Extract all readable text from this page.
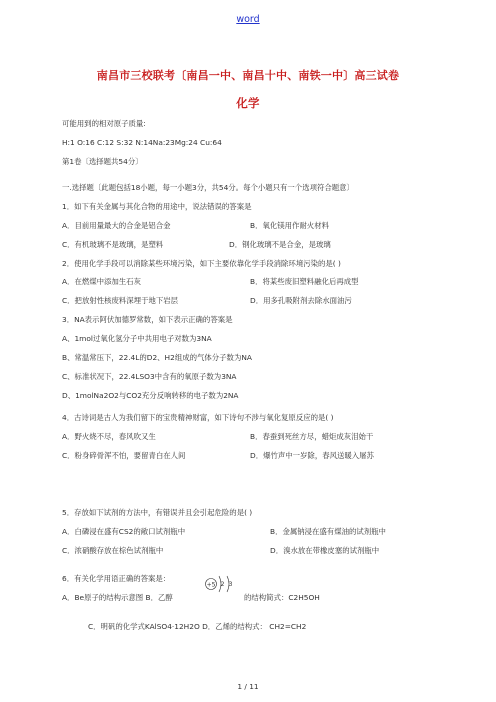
word
南昌市三校联考〔南昌一中、南昌十中、南铁一中〕高三试卷
化学
可能用到的相对原子质量:
H:1 O:16 C:12 S:32 N:14Na:23Mg:24 Cu:64
第1卷〔选择题共54分〕
一.选择题〔此题包括18小题，每一小题3分，共54分。每个小题只有一个选项符合题意〕
1．如下有关金属与其化合物的用途中，说法错误的答案是
A．目前用量最大的合金是铝合金	B．氧化镁用作耐火材料
C．有机玻璃不是玻璃，是塑料	D．钢化玻璃不是合金，是玻璃
2．使用化学手段可以消除某些环境污染，如下主要依靠化学手段消除环境污染的是( )
A．在燃煤中添加生石灰	B．将某些废旧塑料融化后再成型
C．把放射性核废料深埋于地下岩层	D．用多孔吸附剂去除水面油污
3．NA表示阿伏加德罗常数，如下表示正确的答案是
A、1mol过氧化氢分子中共用电子对数为3NA
B、常温常压下，22.4L的D2、H2组成的气体分子数为NA
C、标准状况下，22.4LSO3中含有的氧原子数为3NA
D、1molNa2O2与CO2充分反响转移的电子数为2NA
4．古诗词是古人为我们留下的宝贵精神财富，如下诗句不涉与氧化复原反应的是( )
A．野火烧不尽，春风吹又生	B．春蚕到死丝方尽，蜡炬成灰泪始干
C．粉身碎骨浑不怕，要留青白在人间	D．爆竹声中一岁除，春风送暖入屠苏
5．存放如下试剂的方法中，有错误并且会引起危险的是( )
A．白磷浸在盛有CS2的敞口试剂瓶中	B．金属钠浸在盛有煤油的试剂瓶中
C．浓硝酸存放在棕色试剂瓶中	D．溴水放在带橡皮塞的试剂瓶中
6．有关化学用语正确的答案是：
A．Be原子的结构示意图 B．乙醇
+5 2 3
的结构简式：C2H5OH
C．明矾的化学式KAlSO4·12H2O D．乙烯的结构式： CH2=CH2
1 / 11
